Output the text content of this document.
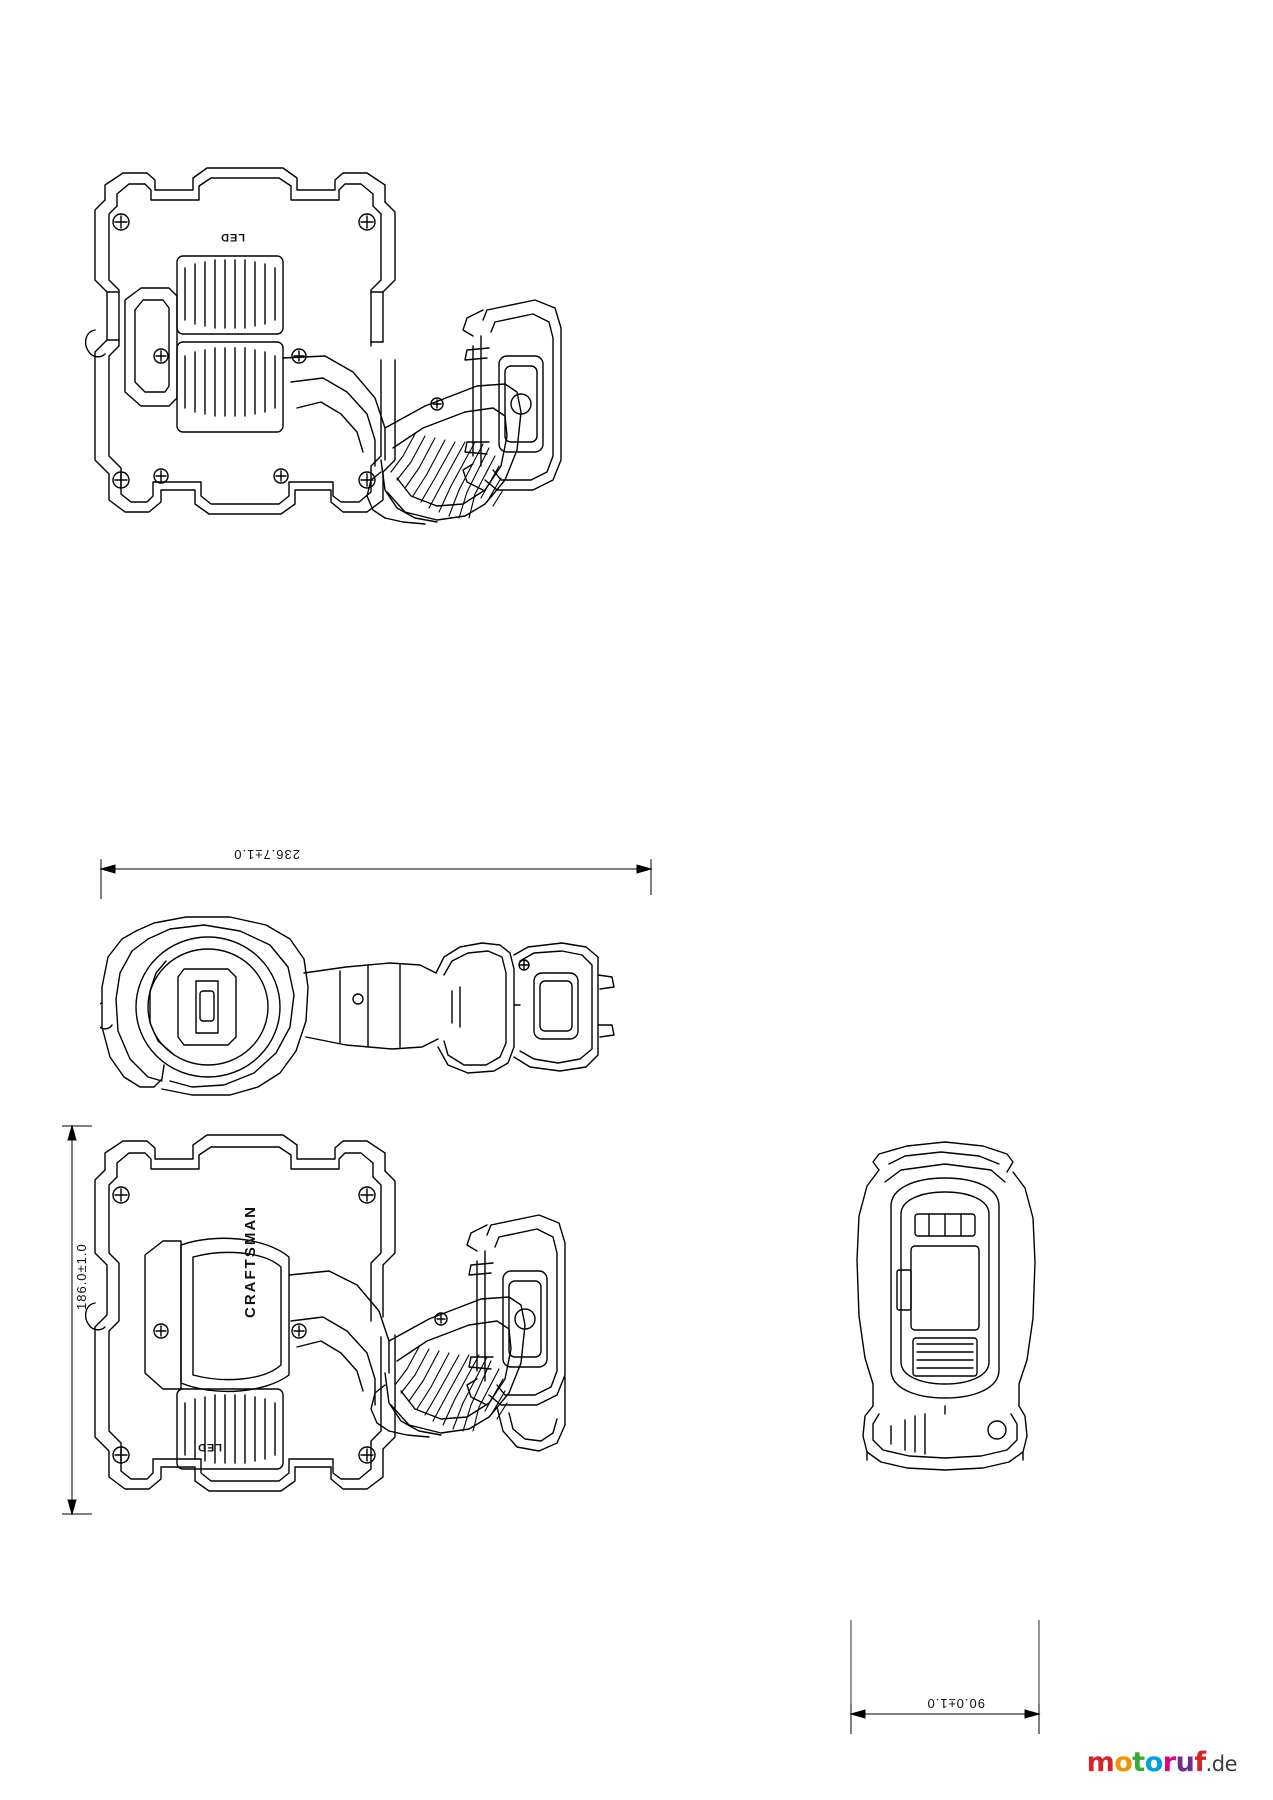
LED
236.7±1.0
CRAFTSMAN
LED
186.0±1.0
90.0±1.0
motoruf.de
